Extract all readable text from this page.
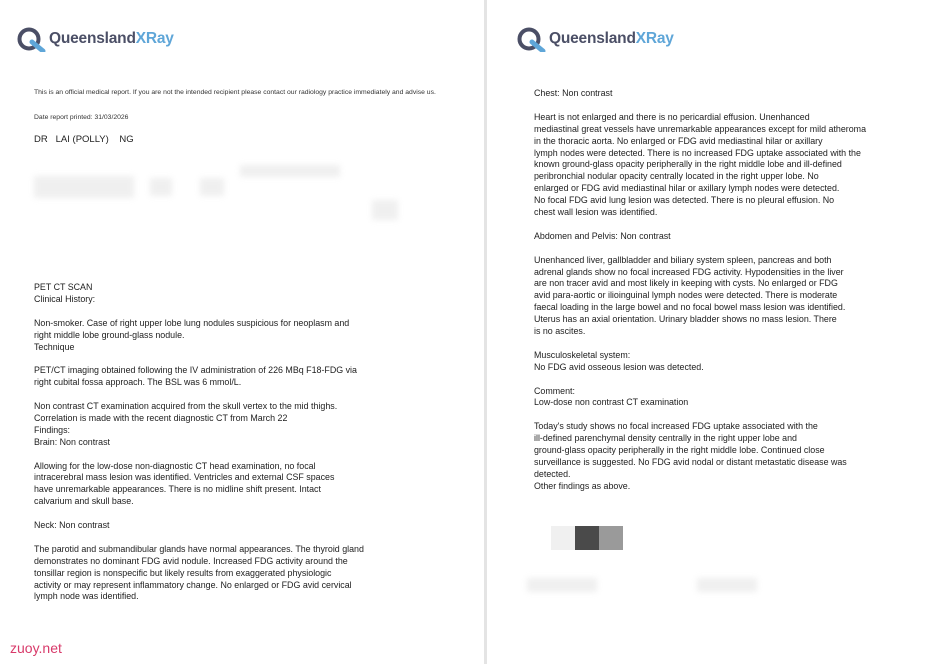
QueenslandXRay
This is an official medical report. If you are not the intended recipient please contact our radiology practice immediately and advise us.
Date report printed: 31/03/2026
DR   LAI (POLLY)    NG
PET CT SCAN
Clinical History:
Non-smoker. Case of right upper lobe lung nodules suspicious for neoplasm and
right middle lobe ground-glass nodule.
Technique
PET/CT imaging obtained following the IV administration of 226 MBq F18-FDG via
right cubital fossa approach. The BSL was 6 mmol/L.
Non contrast CT examination acquired from the skull vertex to the mid thighs.
Correlation is made with the recent diagnostic CT from March 22
Findings:
Brain: Non contrast
Allowing for the low-dose non-diagnostic CT head examination, no focal
intracerebral mass lesion was identified. Ventricles and external CSF spaces
have unremarkable appearances. There is no midline shift present. Intact
calvarium and skull base.
Neck: Non contrast
The parotid and submandibular glands have normal appearances. The thyroid gland
demonstrates no dominant FDG avid nodule. Increased FDG activity around the
tonsillar region is nonspecific but likely results from exaggerated physiologic
activity or may represent inflammatory change. No enlarged or FDG avid cervical
lymph node was identified.
zuoy.net
QueenslandXRay
Chest: Non contrast
Heart is not enlarged and there is no pericardial effusion. Unenhanced
mediastinal great vessels have unremarkable appearances except for mild atheroma
in the thoracic aorta. No enlarged or FDG avid mediastinal hilar or axillary
lymph nodes were detected. There is no increased FDG uptake associated with the
known ground-glass opacity peripherally in the right middle lobe and ill-defined
peribronchial nodular opacity centrally located in the right upper lobe. No
enlarged or FDG avid mediastinal hilar or axillary lymph nodes were detected.
No focal FDG avid lung lesion was detected. There is no pleural effusion. No
chest wall lesion was identified.
Abdomen and Pelvis: Non contrast
Unenhanced liver, gallbladder and biliary system spleen, pancreas and both
adrenal glands show no focal increased FDG activity. Hypodensities in the liver
are non tracer avid and most likely in keeping with cysts. No enlarged or FDG
avid para-aortic or ilioinguinal lymph nodes were detected. There is moderate
faecal loading in the large bowel and no focal bowel mass lesion was identified.
Uterus has an axial orientation. Urinary bladder shows no mass lesion. There
is no ascites.
Musculoskeletal system:
No FDG avid osseous lesion was detected.
Comment:
Low-dose non contrast CT examination
Today's study shows no focal increased FDG uptake associated with the
ill-defined parenchymal density centrally in the right upper lobe and
ground-glass opacity peripherally in the right middle lobe. Continued close
surveillance is suggested. No FDG avid nodal or distant metastatic disease was
detected.
Other findings as above.
